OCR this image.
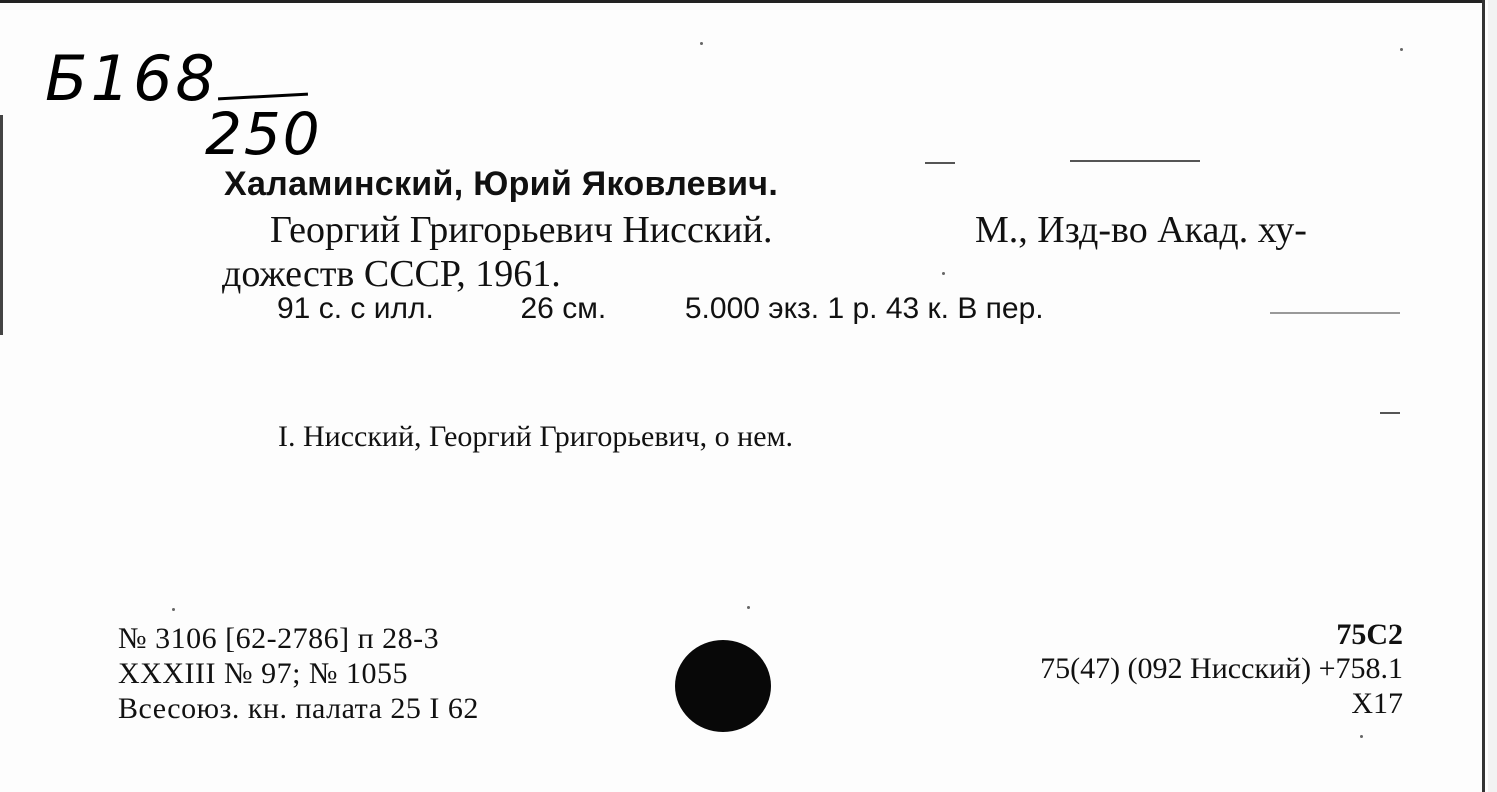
Б168
250
Халаминский, Юрий Яковлевич.
Георгий Григорьевич Нисский.	М., Изд-во Акад. ху-
дожеств СССР, 1961.
91 с. с илл.	26 см.	5.000 экз. 1 р. 43 к. В пер.
I. Нисский, Георгий Григорьевич, о нем.
№ 3106 [62-2786] п 28-3
XXXIII № 97; № 1055
Всесоюз. кн. палата 25 I 62
75С2
75(47) (092 Нисский) +758.1
Х17
